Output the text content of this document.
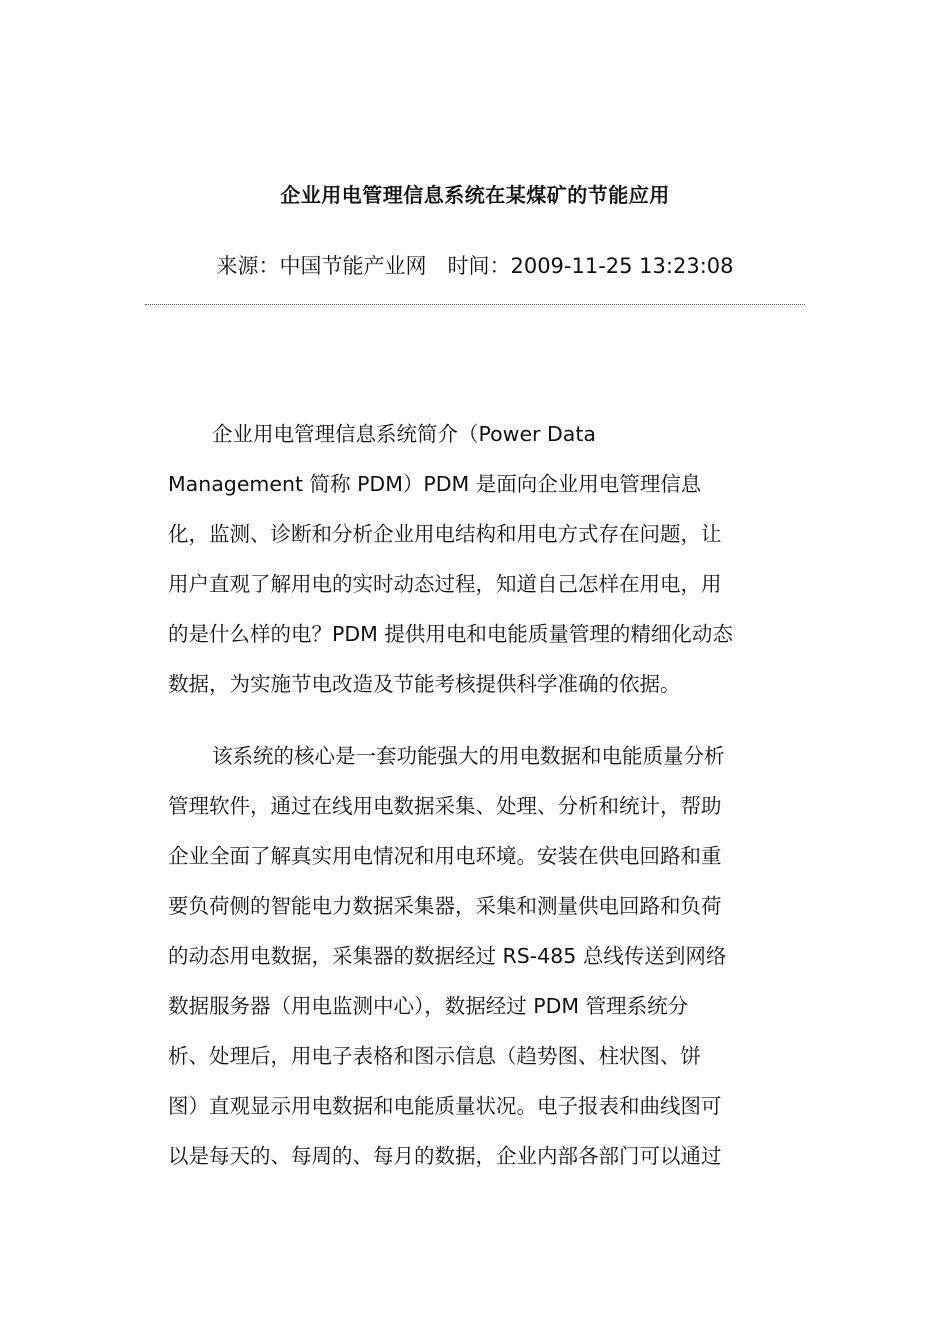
企业用电管理信息系统在某煤矿的节能应用
来源：中国节能产业网　时间：2009-11-25 13:23:08
企业用电管理信息系统简介（Power Data
Management 简称 PDM）PDM 是面向企业用电管理信息
化，监测、诊断和分析企业用电结构和用电方式存在问题，让
用户直观了解用电的实时动态过程，知道自己怎样在用电，用
的是什么样的电？PDM 提供用电和电能质量管理的精细化动态
数据，为实施节电改造及节能考核提供科学准确的依据。
该系统的核心是一套功能强大的用电数据和电能质量分析
管理软件，通过在线用电数据采集、处理、分析和统计，帮助
企业全面了解真实用电情况和用电环境。安装在供电回路和重
要负荷侧的智能电力数据采集器，采集和测量供电回路和负荷
的动态用电数据，采集器的数据经过 RS-485 总线传送到网络
数据服务器（用电监测中心），数据经过 PDM 管理系统分
析、处理后，用电子表格和图示信息（趋势图、柱状图、饼
图）直观显示用电数据和电能质量状况。电子报表和曲线图可
以是每天的、每周的、每月的数据，企业内部各部门可以通过
